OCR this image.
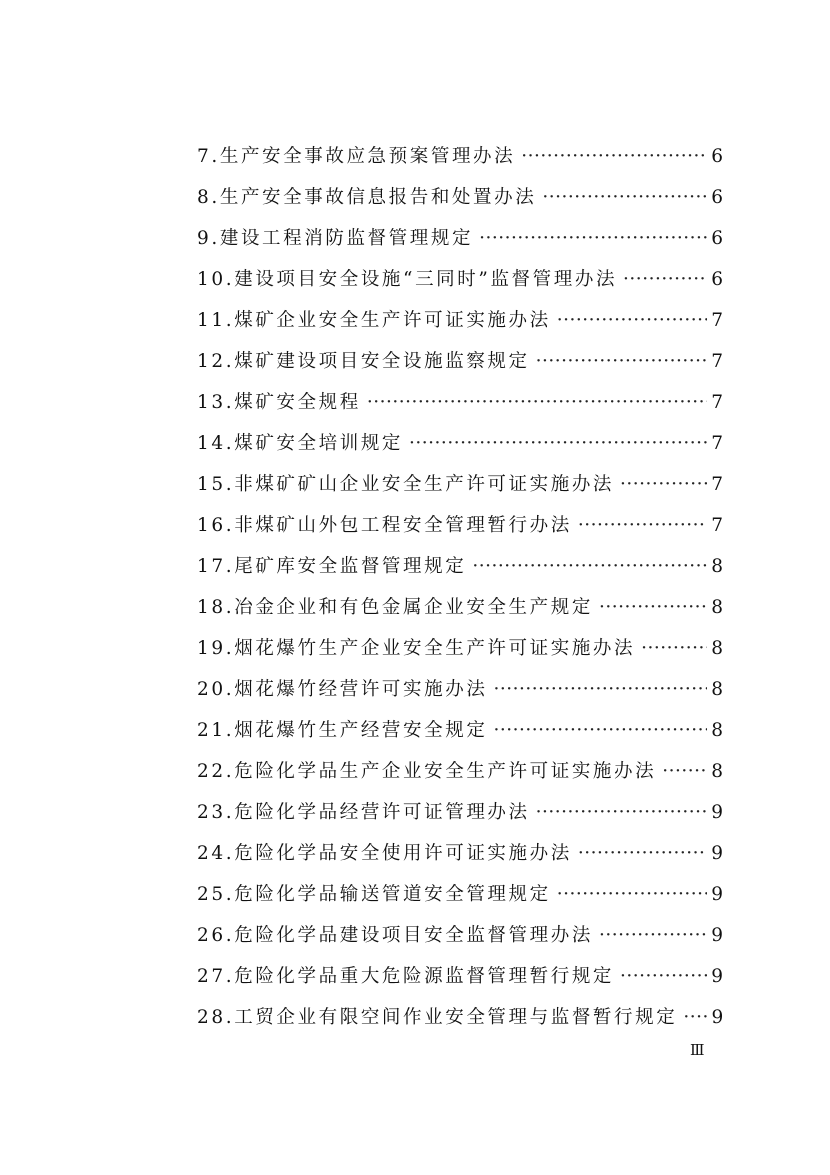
7.生产安全事故应急预案管理办法 ·····	6
8.生产安全事故信息报告和处置办法 ·····	6
9.建设工程消防监督管理规定 ·····	6
10.建设项目安全设施“三同时”监督管理办法 ·····	6
11.煤矿企业安全生产许可证实施办法 ·····	7
12.煤矿建设项目安全设施监察规定 ·····	7
13.煤矿安全规程 ·····	7
14.煤矿安全培训规定 ·····	7
15.非煤矿矿山企业安全生产许可证实施办法 ·····	7
16.非煤矿山外包工程安全管理暂行办法 ·····	7
17.尾矿库安全监督管理规定 ·····	8
18.冶金企业和有色金属企业安全生产规定 ·····	8
19.烟花爆竹生产企业安全生产许可证实施办法 ·····	8
20.烟花爆竹经营许可实施办法 ·····	8
21.烟花爆竹生产经营安全规定 ·····	8
22.危险化学品生产企业安全生产许可证实施办法 ·····	8
23.危险化学品经营许可证管理办法 ·····	9
24.危险化学品安全使用许可证实施办法 ·····	9
25.危险化学品输送管道安全管理规定 ·····	9
26.危险化学品建设项目安全监督管理办法 ·····	9
27.危险化学品重大危险源监督管理暂行规定 ·····	9
28.工贸企业有限空间作业安全管理与监督暂行规定 ····· 9
Ⅲ
